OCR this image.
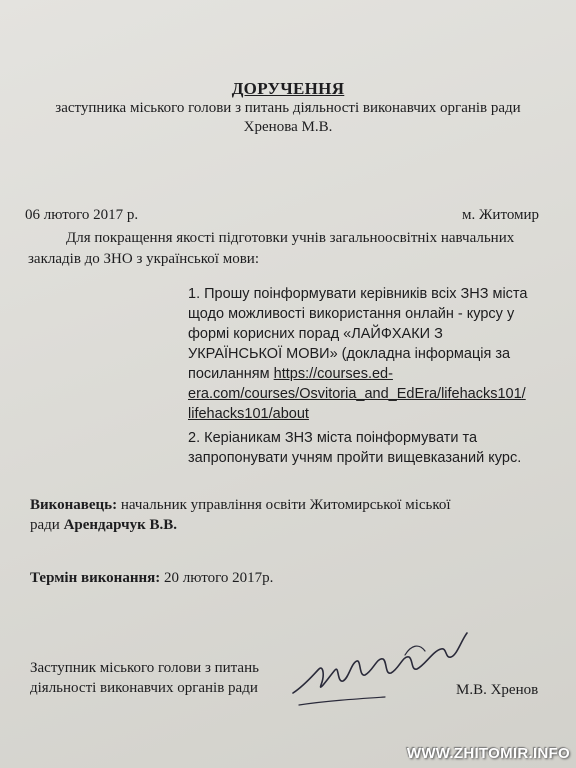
ДОРУЧЕННЯ
заступника міського голови з питань діяльності виконавчих органів ради
Хренова М.В.
06 лютого 2017 р.	м. Житомир
Для покращення якості підготовки учнів загальноосвітніх навчальних
закладів до ЗНО з української мови:
1. Прошу поінформувати керівників всіх ЗНЗ міста
щодо можливості використання онлайн - курсу у
формі корисних порад «ЛАЙФХАКИ З
УКРАЇНСЬКОЇ МОВИ» (докладна інформація за
посиланням https://courses.ed-
era.com/courses/Osvitoria_and_EdEra/lifehacks101/
lifehacks101/about
2. Керіаникам ЗНЗ міста поінформувати та
запропонувати учням пройти вищевказаний курс.
Виконавець: начальник управління освіти Житомирської міської
ради Арендарчук В.В.
Термін виконання: 20 лютого 2017р.
Заступник міського голови з питань
діяльності виконавчих органів ради	М.В. Хренов
WWW.ZHITOMIR.INFO
